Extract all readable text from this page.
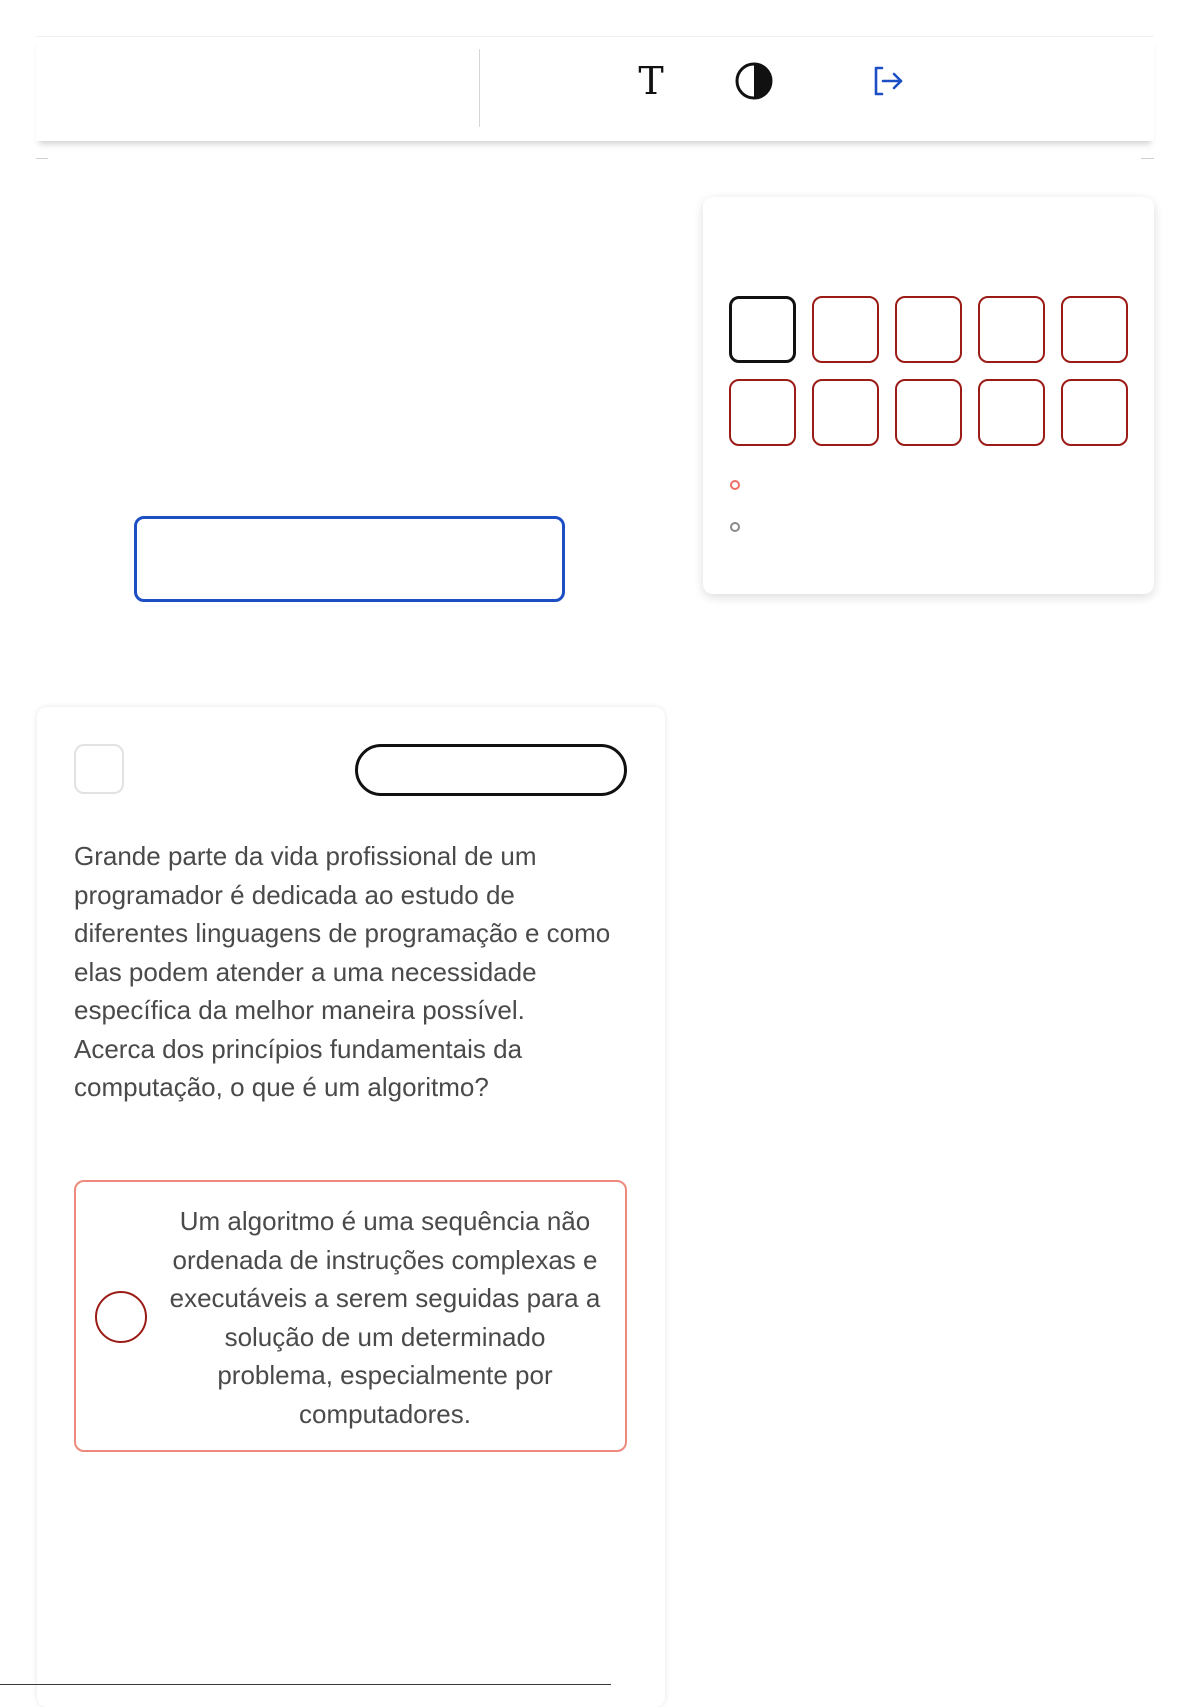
T

Grande parte da vida profissional de um programador é dedicada ao estudo de diferentes linguagens de programação e como elas podem atender a uma necessidade específica da melhor maneira possível.

Acerca dos princípios fundamentais da computação, o que é um algoritmo?

Um algoritmo é uma sequência não ordenada de instruções complexas e executáveis a serem seguidas para a solução de um determinado problema, especialmente por computadores.
